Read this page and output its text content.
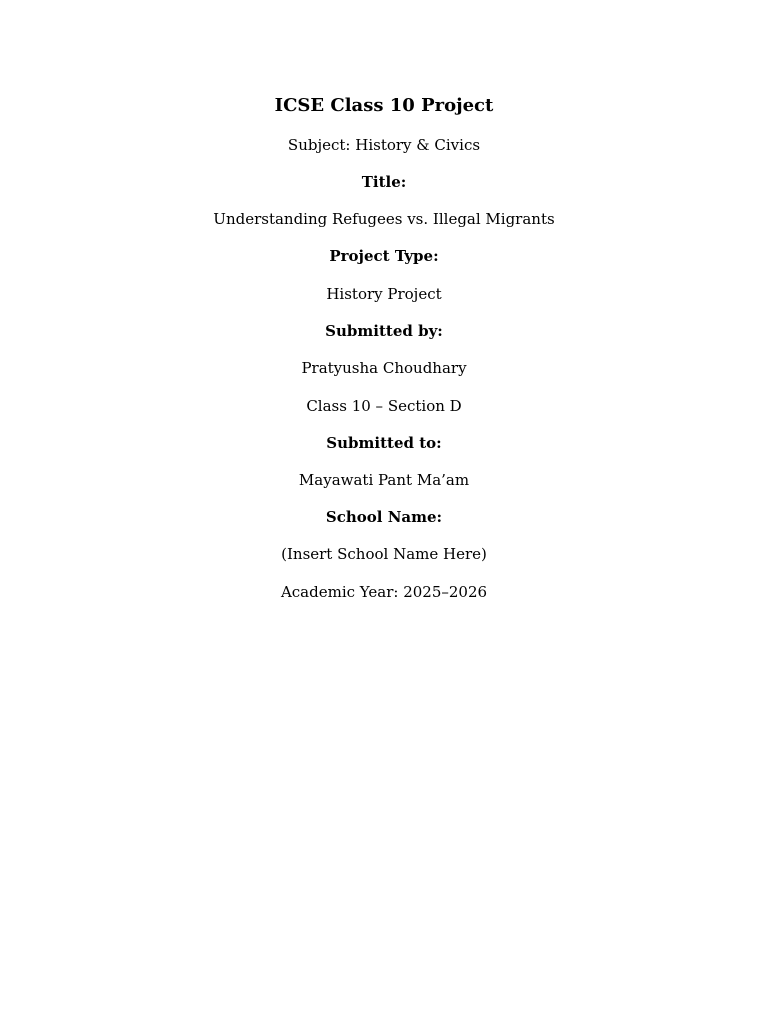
ICSE Class 10 Project
Subject: History & Civics
Title:
Understanding Refugees vs. Illegal Migrants
Project Type:
History Project
Submitted by:
Pratyusha Choudhary
Class 10 – Section D
Submitted to:
Mayawati Pant Ma’am
School Name:
(Insert School Name Here)
Academic Year: 2025–2026
